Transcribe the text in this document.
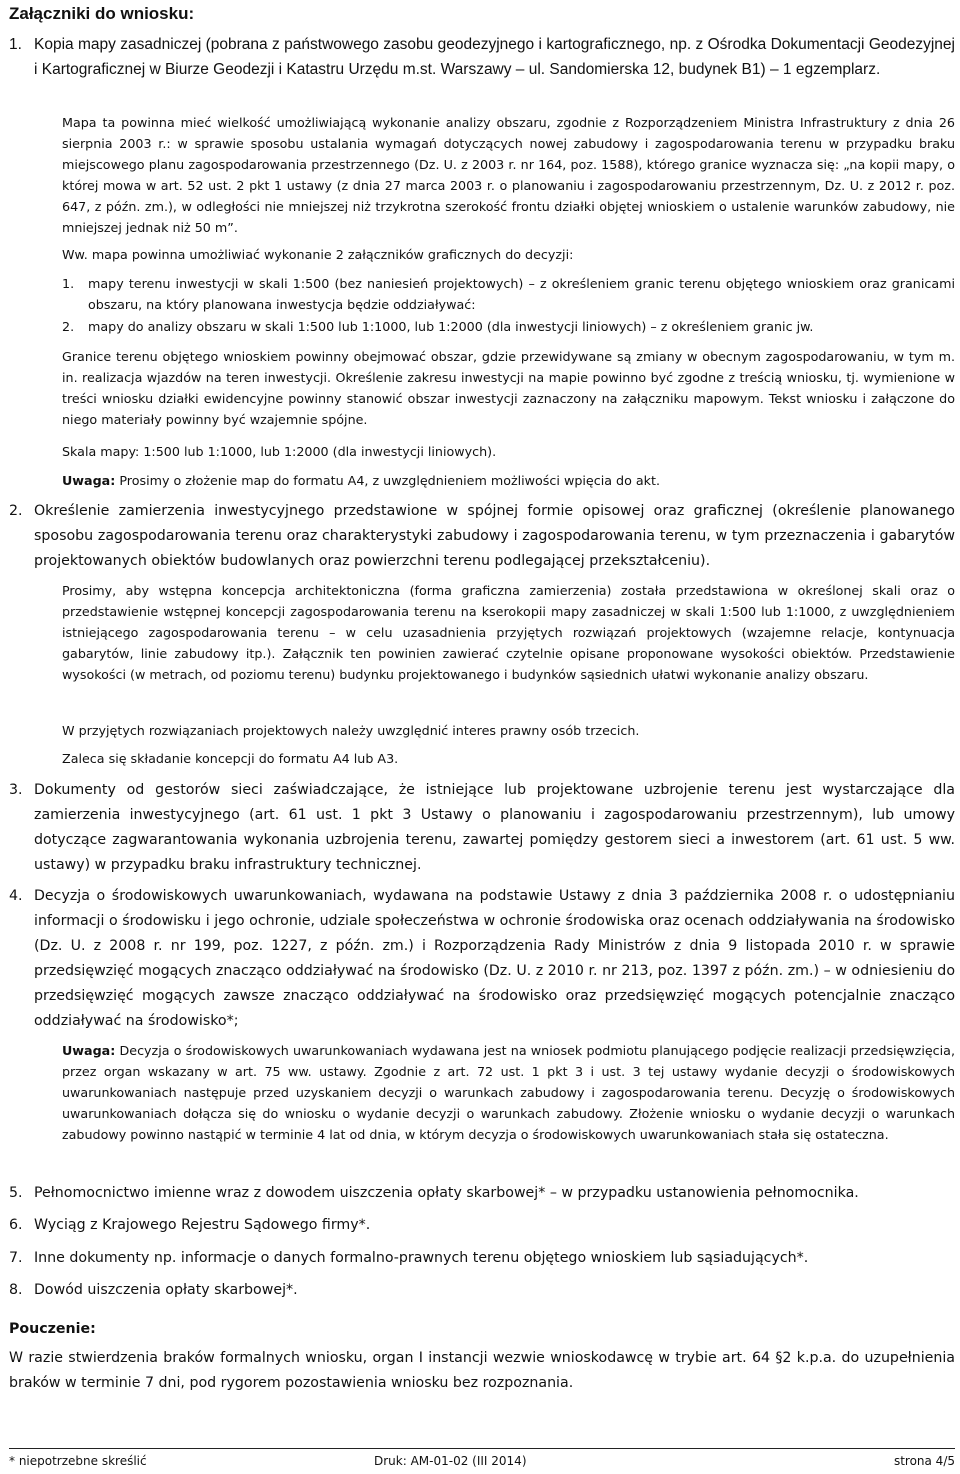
Załączniki do wniosku:
1. Kopia mapy zasadniczej (pobrana z państwowego zasobu geodezyjnego i kartograficznego, np. z Ośrodka Dokumentacji Geodezyjnej i Kartograficznej w Biurze Geodezji i Katastru Urzędu m.st. Warszawy – ul. Sandomierska 12, budynek B1) – 1 egzemplarz.

Mapa ta powinna mieć wielkość umożliwiającą wykonanie analizy obszaru, zgodnie z Rozporządzeniem Ministra Infrastruktury z dnia 26 sierpnia 2003 r.: w sprawie sposobu ustalania wymagań dotyczących nowej zabudowy i zagospodarowania terenu w przypadku braku miejscowego planu zagospodarowania przestrzennego (Dz. U. z 2003 r. nr 164, poz. 1588), którego granice wyznacza się: „na kopii mapy, o której mowa w art. 52 ust. 2 pkt 1 ustawy (z dnia 27 marca 2003 r. o planowaniu i zagospodarowaniu przestrzennym, Dz. U. z 2012 r. poz. 647, z późn. zm.), w odległości nie mniejszej niż trzykrotna szerokość frontu działki objętej wnioskiem o ustalenie warunków zabudowy, nie mniejszej jednak niż 50 m”.

Ww. mapa powinna umożliwiać wykonanie 2 załączników graficznych do decyzji:

1. mapy terenu inwestycji w skali 1:500 (bez naniesień projektowych) – z określeniem granic terenu objętego wnioskiem oraz granicami obszaru, na który planowana inwestycja będzie oddziaływać:
2. mapy do analizy obszaru w skali 1:500 lub 1:1000, lub 1:2000 (dla inwestycji liniowych) – z określeniem granic jw.
Granice terenu objętego wnioskiem powinny obejmować obszar, gdzie przewidywane są zmiany w obecnym zagospodarowaniu, w tym m. in. realizacja wjazdów na teren inwestycji. Określenie zakresu inwestycji na mapie powinno być zgodne z treścią wniosku, tj. wymienione w treści wniosku działki ewidencyjne powinny stanowić obszar inwestycji zaznaczony na załączniku mapowym. Tekst wniosku i załączone do niego materiały powinny być wzajemnie spójne.
Skala mapy: 1:500 lub 1:1000, lub 1:2000 (dla inwestycji liniowych).
Uwaga: Prosimy o złożenie map do formatu A4, z uwzględnieniem możliwości wpięcia do akt.
2. Określenie zamierzenia inwestycyjnego przedstawione w spójnej formie opisowej oraz graficznej (określenie planowanego sposobu zagospodarowania terenu oraz charakterystyki zabudowy i zagospodarowania terenu, w tym przeznaczenia i gabarytów projektowanych obiektów budowlanych oraz powierzchni terenu podlegającej przekształceniu).
Prosimy, aby wstępna koncepcja architektoniczna (forma graficzna zamierzenia) została przedstawiona w określonej skali oraz o przedstawienie wstępnej koncepcji zagospodarowania terenu na kserokopii mapy zasadniczej w skali 1:500 lub 1:1000, z uwzględnieniem istniejącego zagospodarowania terenu – w celu uzasadnienia przyjętych rozwiązań projektowych (wzajemne relacje, kontynuacja gabarytów, linie zabudowy itp.). Załącznik ten powinien zawierać czytelnie opisane proponowane wysokości obiektów. Przedstawienie wysokości (w metrach, od poziomu terenu) budynku projektowanego i budynków sąsiednich ułatwi wykonanie analizy obszaru.
W przyjętych rozwiązaniach projektowych należy uwzględnić interes prawny osób trzecich.
Zaleca się składanie koncepcji do formatu A4 lub A3.
3. Dokumenty od gestorów sieci zaświadczające, że istniejące lub projektowane uzbrojenie terenu jest wystarczające dla zamierzenia inwestycyjnego (art. 61 ust. 1 pkt 3 Ustawy o planowaniu i zagospodarowaniu przestrzennym), lub umowy dotyczące zagwarantowania wykonania uzbrojenia terenu, zawartej pomiędzy gestorem sieci a inwestorem (art. 61 ust. 5 ww. ustawy) w przypadku braku infrastruktury technicznej.
4. Decyzja o środowiskowych uwarunkowaniach, wydawana na podstawie Ustawy z dnia 3 października 2008 r. o udostępnianiu informacji o środowisku i jego ochronie, udziale społeczeństwa w ochronie środowiska oraz ocenach oddziaływania na środowisko (Dz. U. z 2008 r. nr 199, poz. 1227, z późn. zm.) i Rozporządzenia Rady Ministrów z dnia 9 listopada 2010 r. w sprawie przedsięwzięć mogących znacząco oddziaływać na środowisko (Dz. U. z 2010 r. nr 213, poz. 1397 z późn. zm.) – w odniesieniu do przedsięwzięć mogących zawsze znacząco oddziaływać na środowisko oraz przedsięwzięć mogących potencjalnie znacząco oddziaływać na środowisko*;
Uwaga: Decyzja o środowiskowych uwarunkowaniach wydawana jest na wniosek podmiotu planującego podjęcie realizacji przedsięwzięcia, przez organ wskazany w art. 75 ww. ustawy. Zgodnie z art. 72 ust. 1 pkt 3 i ust. 3 tej ustawy wydanie decyzji o środowiskowych uwarunkowaniach następuje przed uzyskaniem decyzji o warunkach zabudowy i zagospodarowania terenu. Decyzję o środowiskowych uwarunkowaniach dołącza się do wniosku o wydanie decyzji o warunkach zabudowy. Złożenie wniosku o wydanie decyzji o warunkach zabudowy powinno nastąpić w terminie 4 lat od dnia, w którym decyzja o środowiskowych uwarunkowaniach stała się ostateczna.
5. Pełnomocnictwo imienne wraz z dowodem uiszczenia opłaty skarbowej* – w przypadku ustanowienia pełnomocnika.
6. Wyciąg z Krajowego Rejestru Sądowego firmy*.
7. Inne dokumenty np. informacje o danych formalno-prawnych terenu objętego wnioskiem lub sąsiadujących*.
8. Dowód uiszczenia opłaty skarbowej*.
Pouczenie:
W razie stwierdzenia braków formalnych wniosku, organ I instancji wezwie wnioskodawcę w trybie art. 64 §2 k.p.a. do uzupełnienia braków w terminie 7 dni, pod rygorem pozostawienia wniosku bez rozpoznania.
* niepotrzebne skreślić	Druk: AM-01-02 (III 2014)	strona 4/5
